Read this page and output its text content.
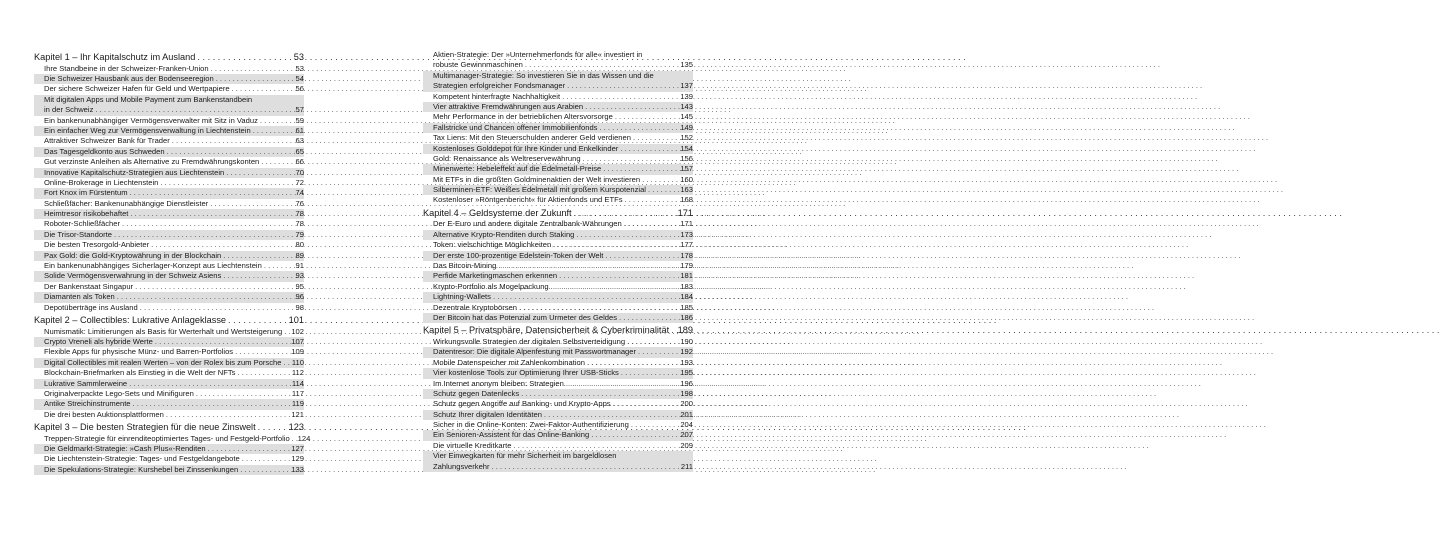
Kapitel 1 – Ihr Kapitalschutz im Ausland . . .	53
Ihre Standbeine in der Schweizer-Franken-Union . . .	53
Die Schweizer Hausbank aus der Bodenseeregion . . .	54
Der sichere Schweizer Hafen für Geld und Wertpapiere . . .	56
Mit digitalen Apps und Mobile Payment zum Bankenstandbein
in der Schweiz . . .	57
Ein bankenunabhängiger Vermögensverwalter mit Sitz in Vaduz . . .	59
Ein einfacher Weg zur Vermögensverwaltung in Liechtenstein . . .	61
Attraktiver Schweizer Bank für Trader . . .	63
Das Tagesgeldkonto aus Schweden . . .	65
Gut verzinste Anleihen als Alternative zu Fremdwährungskonten . . .	66
Innovative Kapitalschutz-Strategien aus Liechtenstein . . .	70
Online-Brokerage in Liechtenstein . . .	72
Fort Knox im Fürstentum . . .	74
Schließfächer: Bankenunabhängige Dienstleister . . .	76
Heimtresor risikobehaftet . . .	78
Roboter-Schließfächer . . .	78
Die Trisor-Standorte . . .	79
Die besten Tresorgold-Anbieter . . .	80
Pax Gold: die Gold-Kryptowährung in der Blockchain . . .	89
Ein bankenunabhängiges Sicherlager-Konzept aus Liechtenstein . . .	91
Solide Vermögensverwahrung in der Schweiz Asiens . . .	93
Der Bankenstaat Singapur . . .	95
Diamanten als Token . . .	96
Depotüberträge ins Ausland . . .	98
Kapitel 2 – Collectibles: Lukrative Anlageklasse . . .	101
Numismatik: Limitierungen als Basis für Werterhalt und Wertsteigerung . . . 102
Crypto Vreneli als hybride Werte . . .	107
Flexible Apps für physische Münz- und Barren-Portfolios . . .	109
Digital Collectibles mit realen Werten – von der Rolex bis zum Porsche . . . 110
Blockchain-Briefmarken als Einstieg in die Welt der NFTs . . .	112
Lukrative Sammlerweine . . .	114
Originalverpackte Lego-Sets und Minifiguren . . .	117
Antike Streichinstrumente . . .	119
Die drei besten Auktionsplattformen . . .	121
Kapitel 3 – Die besten Strategien für die neue Zinswelt . . .	123
Treppen-Strategie für einrenditeoptimiertes Tages- und Festgeld-Portfolio . . . 124
Die Geldmarkt-Strategie: »Cash Plus«-Renditen . . .	127
Die Liechtenstein-Strategie: Tages- und Festgeldangebote . . .	129
Die Spekulations-Strategie: Kurshebel bei Zinssenkungen . . .	133
Aktien-Strategie: Der »Unternehmerfonds für alle« investiert in
robuste Gewinnmaschinen . . .	135
Multimanager-Strategie: So investieren Sie in das Wissen und die
Strategien erfolgreicher Fondsmanager . . .	137
Kompetent hinterfragte Nachhaltigkeit . . .	139
Vier attraktive Fremdwährungen aus Arabien . . .	143
Mehr Performance in der betrieblichen Altersvorsorge . . .	145
Fallstricke und Chancen offener Immobilienfonds . . .	149
Tax Liens: Mit den Steuerschulden anderer Geld verdienen . . .	152
Kostenloses Golddepot für Ihre Kinder und Enkelkinder . . .	154
Gold: Renaissance als Weltreservewährung . . .	156
Minenwerte: Hebeleffekt auf die Edelmetall-Preise . . .	157
Mit ETFs in die größten Goldminenaktien der Welt investieren . . .	160
Silberminen-ETF: Weißes Edelmetall mit großem Kurspotenzial . . .	163
Kostenloser »Röntgenbericht« für Aktienfonds und ETFs . . .	168
Kapitel 4 – Geldsysteme der Zukunft . . .	171
Der E-Euro und andere digitale Zentralbank-Währungen . . .	171
Alternative Krypto-Renditen durch Staking . . .	173
Token: vielschichtige Möglichkeiten . . .	177
Der erste 100-prozentige Edelstein-Token der Welt . . .	178
Das Bitcoin-Mining . . .	179
Perfide Marketingmaschen erkennen . . .	181
Krypto-Portfolio als Mogelpackung . . .	183
Lightning-Wallets . . .	184
Dezentrale Kryptobörsen . . .	185
Der Bitcoin hat das Potenzial zum Urmeter des Geldes . . .	186
Kapitel 5 – Privatsphäre, Datensicherheit & Cyberkriminalität . . . 189
Wirkungsvolle Strategien der digitalen Selbstverteidigung . . .	190
Datentresor: Die digitale Alpenfestung mit Passwortmanager . . .	192
Mobile Datenspeicher mit Zahlenkombination . . .	193
Vier kostenlose Tools zur Optimierung Ihrer USB-Sticks . . .	195
Im Internet anonym bleiben: Strategien . . .	196
Schutz gegen Datenlecks . . .	198
Schutz gegen Angriffe auf Banking- und Krypto-Apps . . .	200
Schutz Ihrer digitalen Identitäten . . .	201
Sicher in die Online-Konten: Zwei-Faktor-Authentifizierung . . .	204
Ein Senioren-Assistent für das Online-Banking . . .	207
Die virtuelle Kreditkarte . . .	209
Vier Einwegkarten für mehr Sicherheit im bargeldlosen
Zahlungsverkehr . . .	211
